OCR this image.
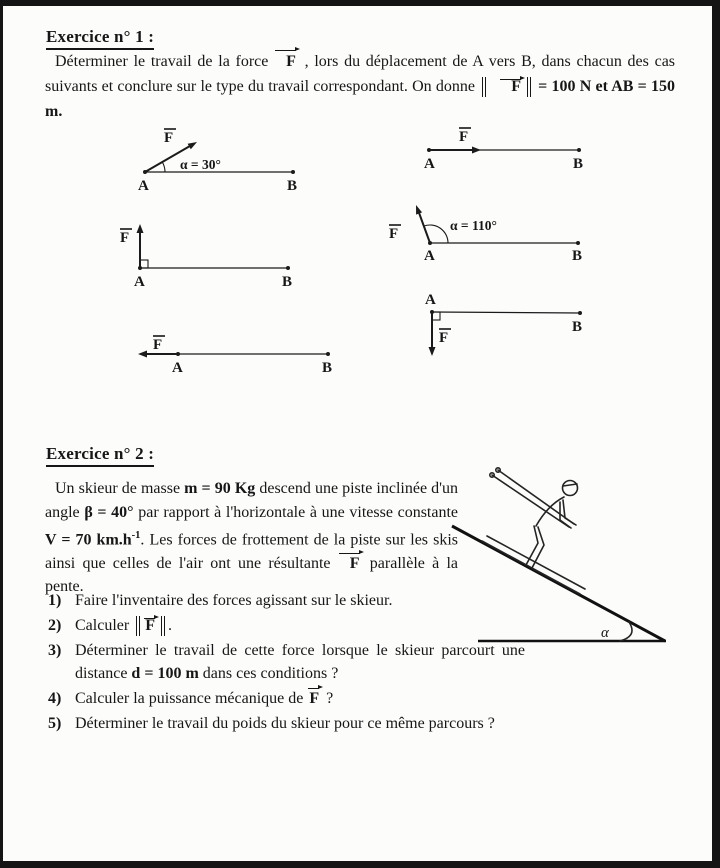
Exercice n° 1 :
Déterminer le travail de la force F , lors du déplacement de A vers B, dans chacun des cas suivants et conclure sur le type du travail correspondant. On donne F = 100 N et AB = 150 m.
F
α = 30°
A	B
F
A	B
F
A	B
F
α = 110°
A	B
F
A	B
A
B
F
Exercice n° 2 :
Un skieur de masse m = 90 Kg descend une piste inclinée d'un angle β = 40° par rapport à l'horizontale à une vitesse constante V = 70 $km.h^{-1}$. Les forces de frottement de la piste sur les skis ainsi que celles de l'air ont une résultante F parallèle à la pente.
α
1) Faire l'inventaire des forces agissant sur le skieur.
2) Calculer F .
3) Déterminer le travail de cette force lorsque le skieur parcourt une distance d = 100 m dans ces conditions ?
4) Calculer la puissance mécanique de F ?
5) Déterminer le travail du poids du skieur pour ce même parcours ?
